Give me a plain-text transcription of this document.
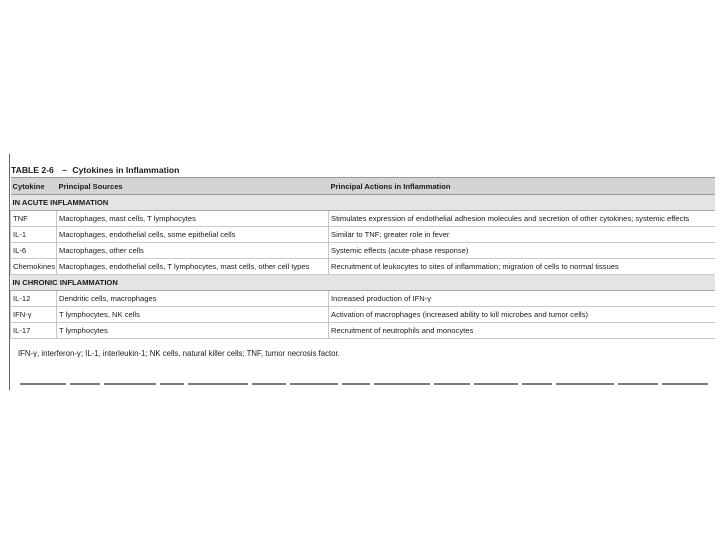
TABLE 2-6 – Cytokines in Inflammation
Cytokine	Principal Sources	Principal Actions in Inflammation
IN ACUTE INFLAMMATION		
TNF	Macrophages, mast cells, T lymphocytes	Stimulates expression of endothelial adhesion molecules and secretion of other cytokines; systemic effects
IL-1	Macrophages, endothelial cells, some epithelial cells	Similar to TNF; greater role in fever
IL-6	Macrophages, other cells	Systemic effects (acute-phase response)
Chemokines	Macrophages, endothelial cells, T lymphocytes, mast cells, other cell types	Recruitment of leukocytes to sites of inflammation; migration of cells to normal tissues
IN CHRONIC INFLAMMATION		
IL-12	Dendritic cells, macrophages	Increased production of IFN-γ
IFN-γ	T lymphocytes, NK cells	Activation of macrophages (increased ability to kill microbes and tumor cells)
IL-17	T lymphocytes	Recruitment of neutrophils and monocytes
IFN-γ, interferon-γ; IL-1, interleukin-1; NK cells, natural killer cells; TNF, tumor necrosis factor.
